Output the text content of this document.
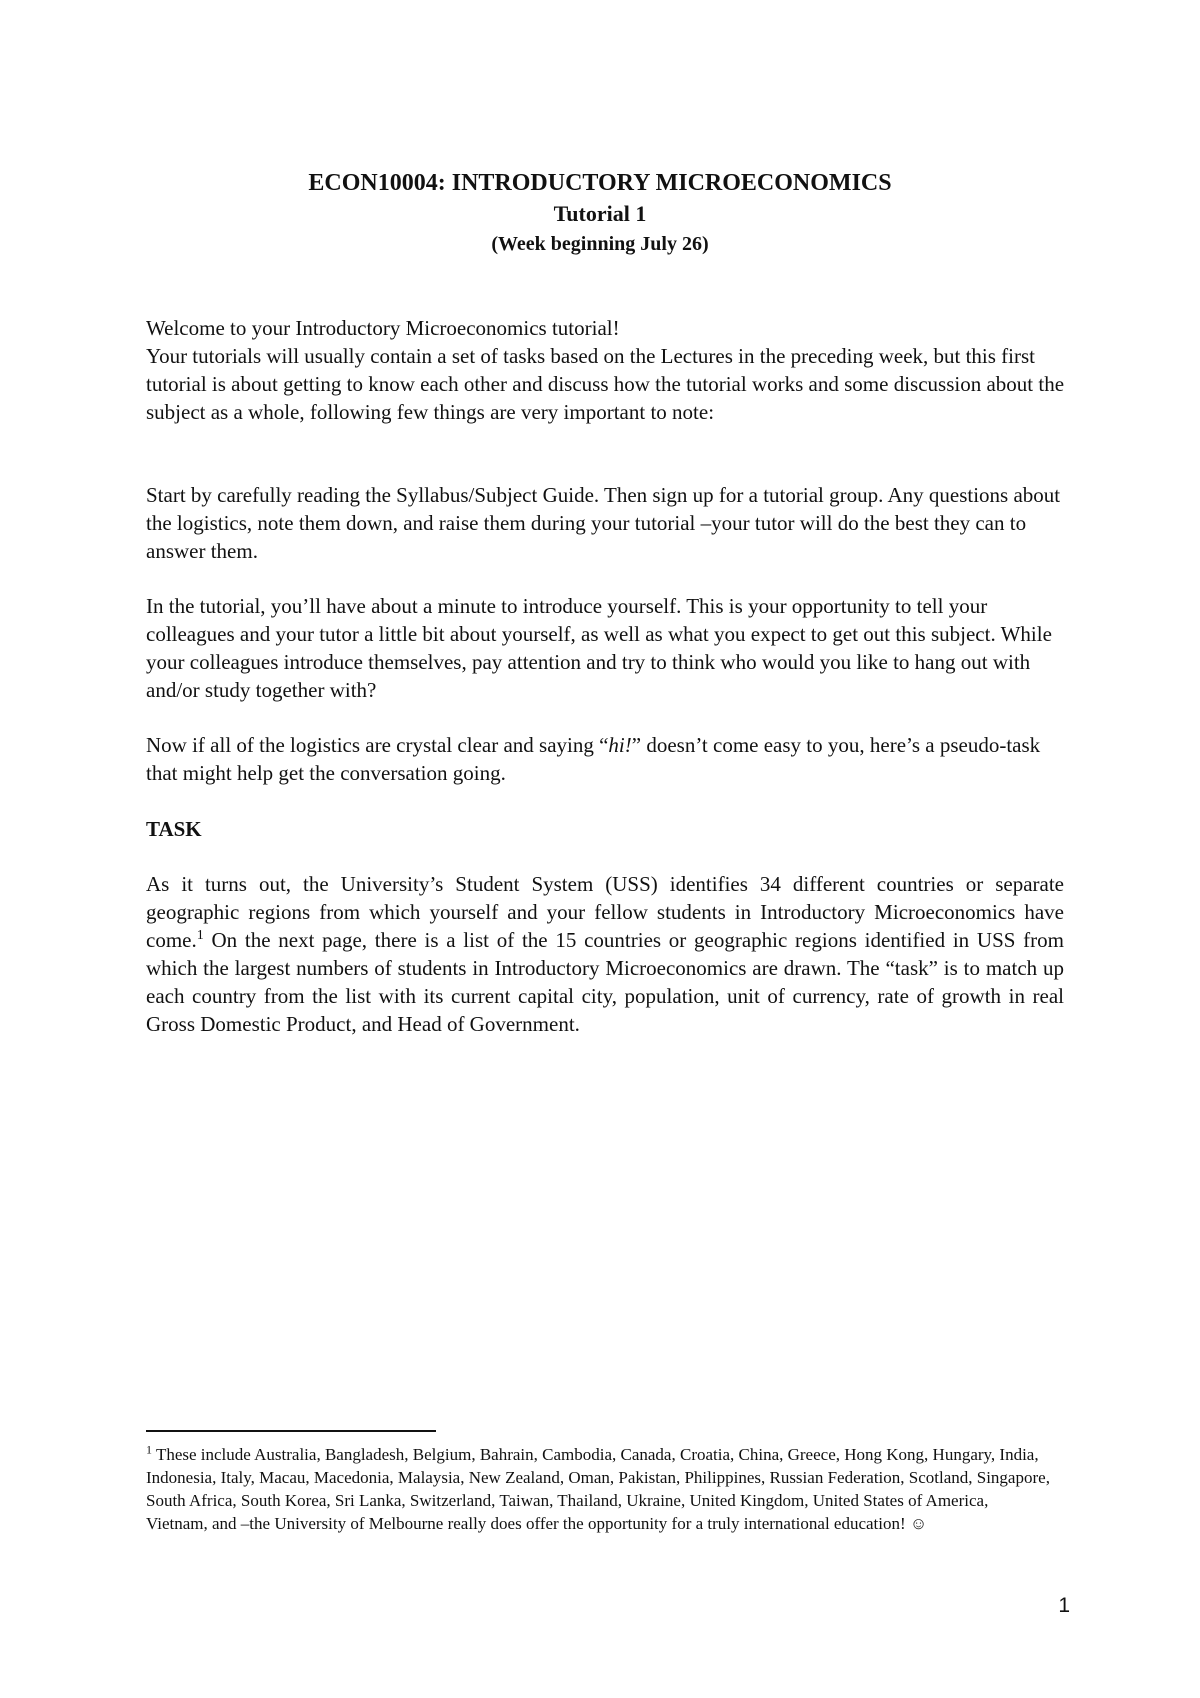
ECON10004: INTRODUCTORY MICROECONOMICS
Tutorial 1
(Week beginning July 26)
Welcome to your Introductory Microeconomics tutorial!
Your tutorials will usually contain a set of tasks based on the Lectures in the preceding week, but this first tutorial is about getting to know each other and discuss how the tutorial works and some discussion about the subject as a whole, following few things are very important to note:

Start by carefully reading the Syllabus/Subject Guide. Then sign up for a tutorial group. Any questions about the logistics, note them down, and raise them during your tutorial –your tutor will do the best they can to answer them.

In the tutorial, you’ll have about a minute to introduce yourself. This is your opportunity to tell your colleagues and your tutor a little bit about yourself, as well as what you expect to get out this subject. While your colleagues introduce themselves, pay attention and try to think who would you like to hang out with and/or study together with?

Now if all of the logistics are crystal clear and saying “hi!” doesn’t come easy to you, here’s a pseudo-task that might help get the conversation going.

TASK

As it turns out, the University’s Student System (USS) identifies 34 different countries or separate geographic regions from which yourself and your fellow students in Introductory Microeconomics have come.$^1$ On the next page, there is a list of the 15 countries or geographic regions identified in USS from which the largest numbers of students in Introductory Microeconomics are drawn. The “task” is to match up each country from the list with its current capital city, population, unit of currency, rate of growth in real Gross Domestic Product, and Head of Government.

$^1$ These include Australia, Bangladesh, Belgium, Bahrain, Cambodia, Canada, Croatia, China, Greece, Hong Kong, Hungary, India, Indonesia, Italy, Macau, Macedonia, Malaysia, New Zealand, Oman, Pakistan, Philippines, Russian Federation, Scotland, Singapore, South Africa, South Korea, Sri Lanka, Switzerland, Taiwan, Thailand, Ukraine, United Kingdom, United States of America, Vietnam, and –the University of Melbourne really does offer the opportunity for a truly international education! ☺

1
